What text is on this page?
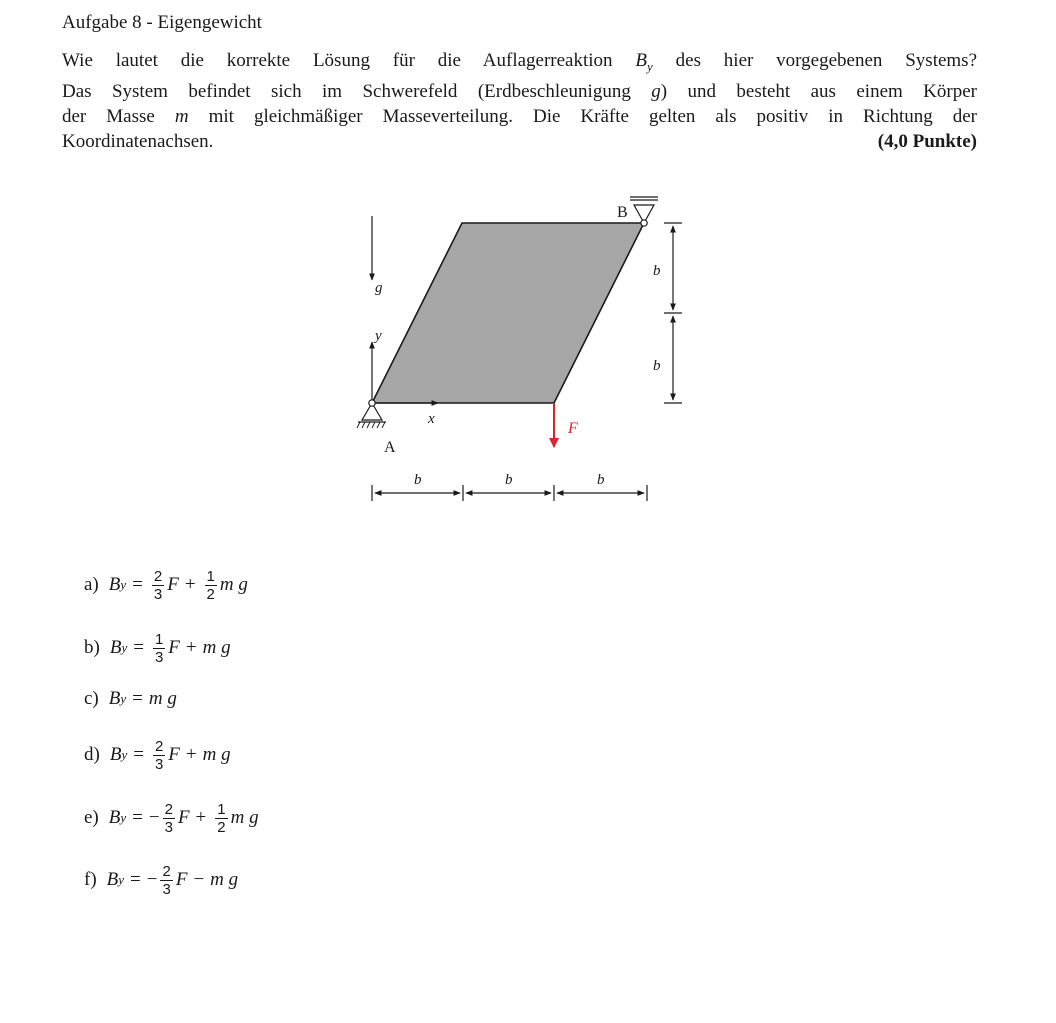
Aufgabe 8 - Eigengewicht
Wie lautet die korrekte Lösung für die Auflagerreaktion $B_y$ des hier vorgegebenen Systems?
Das System befindet sich im Schwerefeld (Erdbeschleunigung g) und besteht aus einem Körper
der Masse m mit gleichmäßiger Masseverteilung. Die Kräfte gelten als positiv in Richtung der
Koordinatenachsen.	(4,0 Punkte)
g
y
x
A
B
F
b
b
b	b	b
a) B $y = \frac{2}{3}$ $F + \frac{1}{2}$ m g
b) B $y = \frac{1}{3}$ F + m g
c) B y = m g
d) B $y = \frac{2}{3}$ F + m g
e) B y = − $\frac{2}{3}$ $F + \frac{1}{2}$ m g
f) B y = − $\frac{2}{3}$ F − m g
